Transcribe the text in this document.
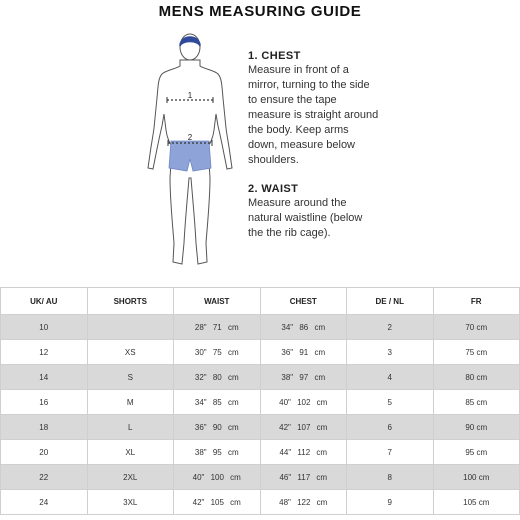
MENS MEASURING GUIDE
1
2
1. CHEST

Measure in front of a mirror, turning to the side to ensure the tape measure is straight around the body. Keep arms down, measure below shoulders.

2. WAIST

Measure around the natural waistline (below the the rib cage).

UK/ AU	SHORTS	WAIST	CHEST	DE / NL	FR
10		28" 71 cm	34" 86 cm	2	70 cm
12	XS	30" 75 cm	36" 91 cm	3	75 cm
14	S	32" 80 cm	38" 97 cm	4	80 cm
16	M	34" 85 cm	40" 102 cm	5	85 cm
18	L	36" 90 cm	42" 107 cm	6	90 cm
20	XL	38" 95 cm	44" 112 cm	7	95 cm
22	2XL	40" 100 cm	46" 117 cm	8	100 cm
24	3XL	42" 105 cm	48" 122 cm	9	105 cm
